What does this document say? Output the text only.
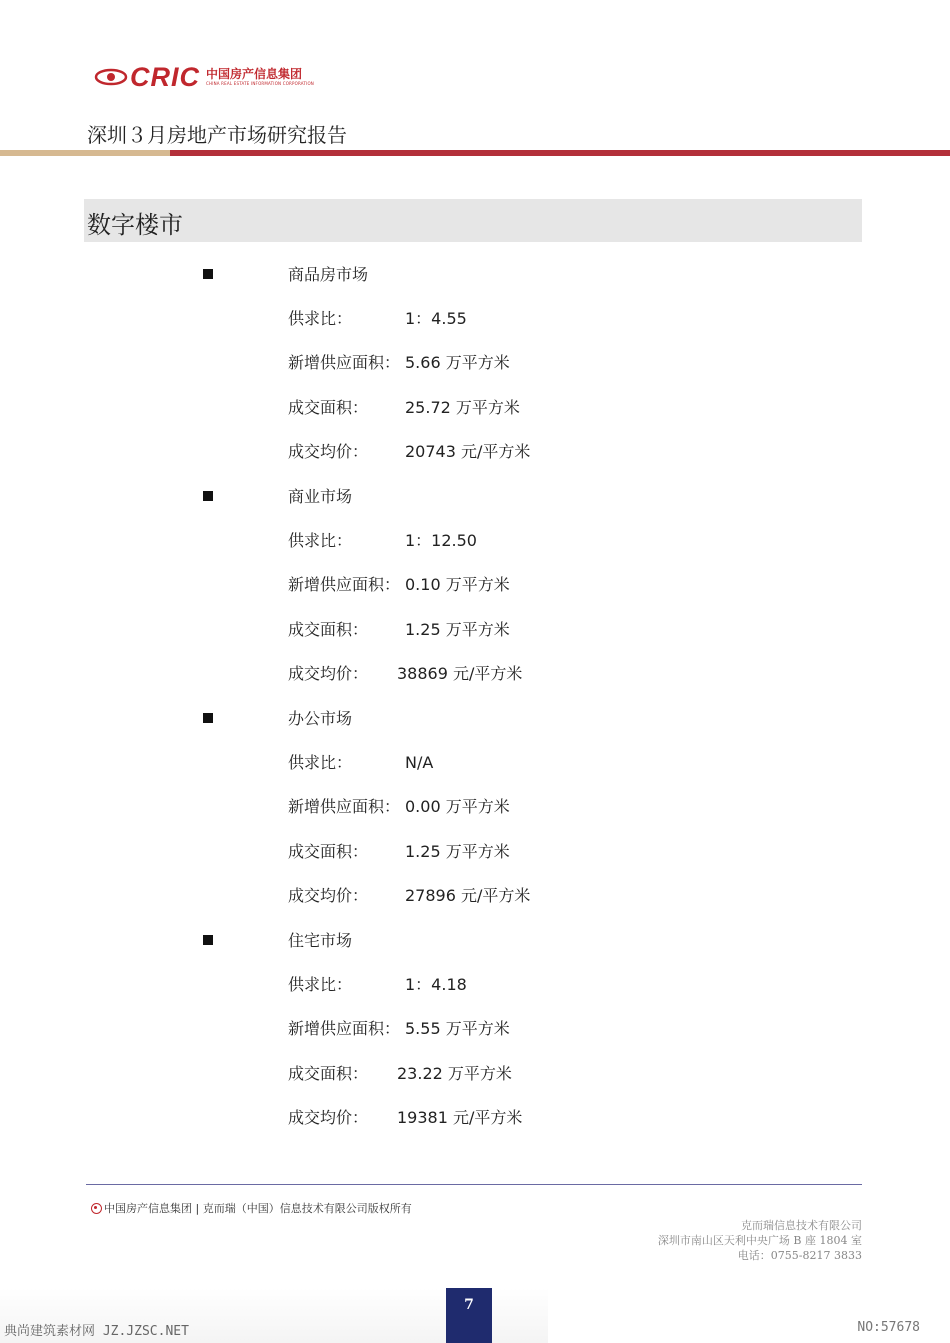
CRIC 中国房产信息集团
CHINA REAL ESTATE INFORMATION CORPORATION
深圳３月房地产市场研究报告
数字楼市
商品房市场
供求比：	1：4.55
新增供应面积： 5.66 万平方米
成交面积： 25.72 万平方米
成交均价： 20743 元/平方米
商业市场
供求比：	1：12.50
新增供应面积： 0.10 万平方米
成交面积： 1.25 万平方米
成交均价： 38869 元/平方米
办公市场
供求比：	N/A
新增供应面积： 0.00 万平方米
成交面积： 1.25 万平方米
成交均价： 27896 元/平方米
住宅市场
供求比：	1：4.18
新增供应面积： 5.55 万平方米
成交面积： 23.22 万平方米
成交均价： 19381 元/平方米
中国房产信息集团 | 克而瑞（中国）信息技术有限公司版权所有
克而瑞信息技术有限公司
深圳市南山区天利中央广场 B 座 1804 室
电话：0755-8217 3833
7
典尚建筑素材网 JZ.JZSC.NET	NO:57678
